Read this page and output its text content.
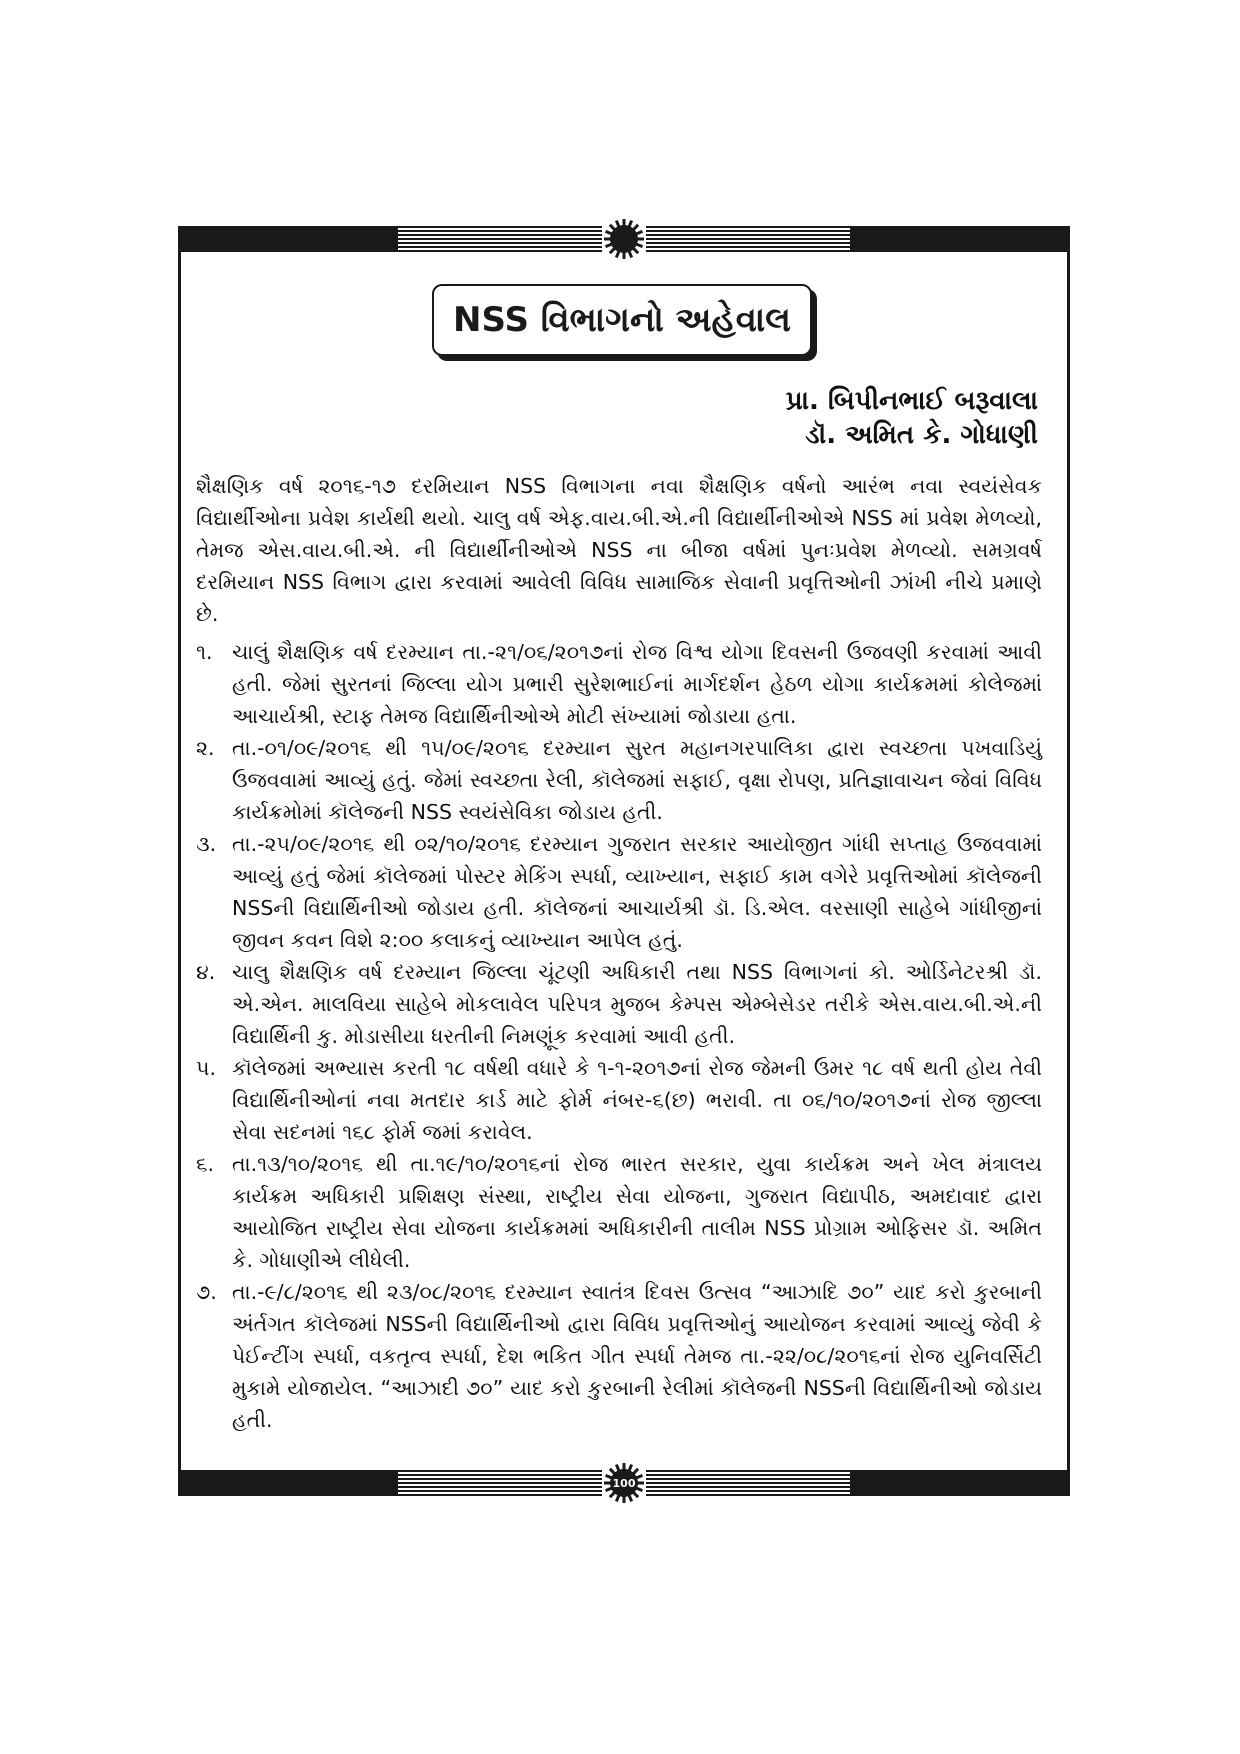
NSS વિભાગનો અહેવાલ
પ્રા. બિપીનભાઈ બરૂવાલા
ડૉ. અમિત કે. ગોધાણી

શૈક્ષણિક વર્ષ ૨૦૧૬-૧૭ દરમિયાન NSS વિભાગના નવા શૈક્ષણિક વર્ષનો આરંભ નવા સ્વયંસેવક વિદ્યાર્થીઓના પ્રવેશ કાર્યથી થયો. ચાલુ વર્ષ એફ.વાય.બી.એ.ની વિદ્યાર્થીનીઓએ NSS માં પ્રવેશ મેળવ્યો, તેમજ એસ.વાય.બી.એ. ની વિદ્યાર્થીનીઓએ NSS ના બીજા વર્ષમાં પુનઃપ્રવેશ મેળવ્યો. સમગ્રવર્ષ દરમિયાન NSS વિભાગ દ્વારા કરવામાં આવેલી વિવિધ સામાજિક સેવાની પ્રવૃત્તિઓની ઝાંખી નીચે પ્રમાણે છે.

૧. ચાલું શૈક્ષણિક વર્ષ દરમ્યાન તા.-૨૧/૦૬/૨૦૧૭નાં રોજ વિશ્વ યોગા દિવસની ઉજવણી કરવામાં આવી હતી. જેમાં સુરતનાં જિલ્લા યોગ પ્રભારી સુરેશભાઈનાં માર્ગદર્શન હેઠળ યોગા કાર્યક્રમમાં કોલેજમાં આચાર્યશ્રી, સ્ટાફ તેમજ વિદ્યાર્થિનીઓએ મોટી સંખ્યામાં જોડાયા હતા.
૨. તા.-૦૧/૦૯/૨૦૧૬ થી ૧૫/૦૯/૨૦૧૬ દરમ્યાન સુરત મહાનગરપાલિકા દ્વારા સ્વચ્છતા પખવાડિયું ઉજવવામાં આવ્યું હતું. જેમાં સ્વચ્છતા રેલી, કૉલેજમાં સફાઈ, વૃક્ષા રોપણ, પ્રતિજ્ઞાવાચન જેવાં વિવિધ કાર્યક્રમોમાં કૉલેજની NSS સ્વયંસેવિકા જોડાય હતી.
૩. તા.-૨૫/૦૯/૨૦૧૬ થી ૦૨/૧૦/૨૦૧૬ દરમ્યાન ગુજરાત સરકાર આયોજીત ગાંધી સપ્તાહ ઉજવવામાં આવ્યું હતું જેમાં કૉલેજમાં પોસ્ટર મેકિંગ સ્પર્ધા, વ્યાખ્યાન, સફાઈ કામ વગેરે પ્રવૃત્તિઓમાં કૉલેજની NSSની વિદ્યાર્થિનીઓ જોડાય હતી. કૉલેજનાં આચાર્યશ્રી ડૉ. ડિ.એલ. વરસાણી સાહેબે ગાંધીજીનાં જીવન કવન વિશે ૨:૦૦ કલાકનું વ્યાખ્યાન આપેલ હતું.
૪. ચાલુ શૈક્ષણિક વર્ષ દરમ્યાન જિલ્લા ચૂંટણી અધિકારી તથા NSS વિભાગનાં કો. ઓર્ડિનેટરશ્રી ડૉ. એ.એન. માલવિયા સાહેબે મોકલાવેલ પરિપત્ર મુજબ કેમ્પસ એમ્બેસેડર તરીકે એસ.વાય.બી.એ.ની વિદ્યાર્થિની કુ. મોડાસીયા ધરતીની નિમણૂંક કરવામાં આવી હતી.
૫. કૉલેજમાં અભ્યાસ કરતી ૧૮ વર્ષથી વધારે કે ૧-૧-૨૦૧૭નાં રોજ જેમની ઉમર ૧૮ વર્ષ થતી હોય તેવી વિદ્યાર્થિનીઓનાં નવા મતદાર કાર્ડ માટે ફોર્મ નંબર-૬(છ) ભરાવી. તા ૦૬/૧૦/૨૦૧૭નાં રોજ જીલ્લા સેવા સદનમાં ૧૬૮ ફોર્મ જમાં કરાવેલ.
૬. તા.૧૩/૧૦/૨૦૧૬ થી તા.૧૯/૧૦/૨૦૧૬નાં રોજ ભારત સરકાર, યુવા કાર્યક્રમ અને ખેલ મંત્રાલય કાર્યક્રમ અધિકારી પ્રશિક્ષણ સંસ્થા, રાષ્ટ્રીય સેવા યોજના, ગુજરાત વિદ્યાપીઠ, અમદાવાદ દ્વારા આયોજિત રાષ્ટ્રીય સેવા યોજના કાર્યક્રમમાં અધિકારીની તાલીમ NSS પ્રોગ્રામ ઓફિસર ડૉ. અમિત કે. ગોધાણીએ લીધેલી.
૭. તા.-૯/૮/૨૦૧૬ થી ૨૩/૦૮/૨૦૧૬ દરમ્યાન સ્વાતંત્ર દિવસ ઉત્સવ “આઝાદિ ૭૦” યાદ કરો કુરબાની અંર્તગત કૉલેજમાં NSSની વિદ્યાર્થિનીઓ દ્વારા વિવિધ પ્રવૃત્તિઓનું આયોજન કરવામાં આવ્યું જેવી કે પેઈન્ટીંગ સ્પર્ધા, વકતૃત્વ સ્પર્ધા, દેશ ભકિત ગીત સ્પર્ધા તેમજ તા.-૨૨/૦૮/૨૦૧૬નાં રોજ યુનિવર્સિટી મુકામે યોજાયેલ. “આઝાદી ૭૦” યાદ કરો કુરબાની રેલીમાં કૉલેજની NSSની વિદ્યાર્થિનીઓ જોડાય હતી.
100
